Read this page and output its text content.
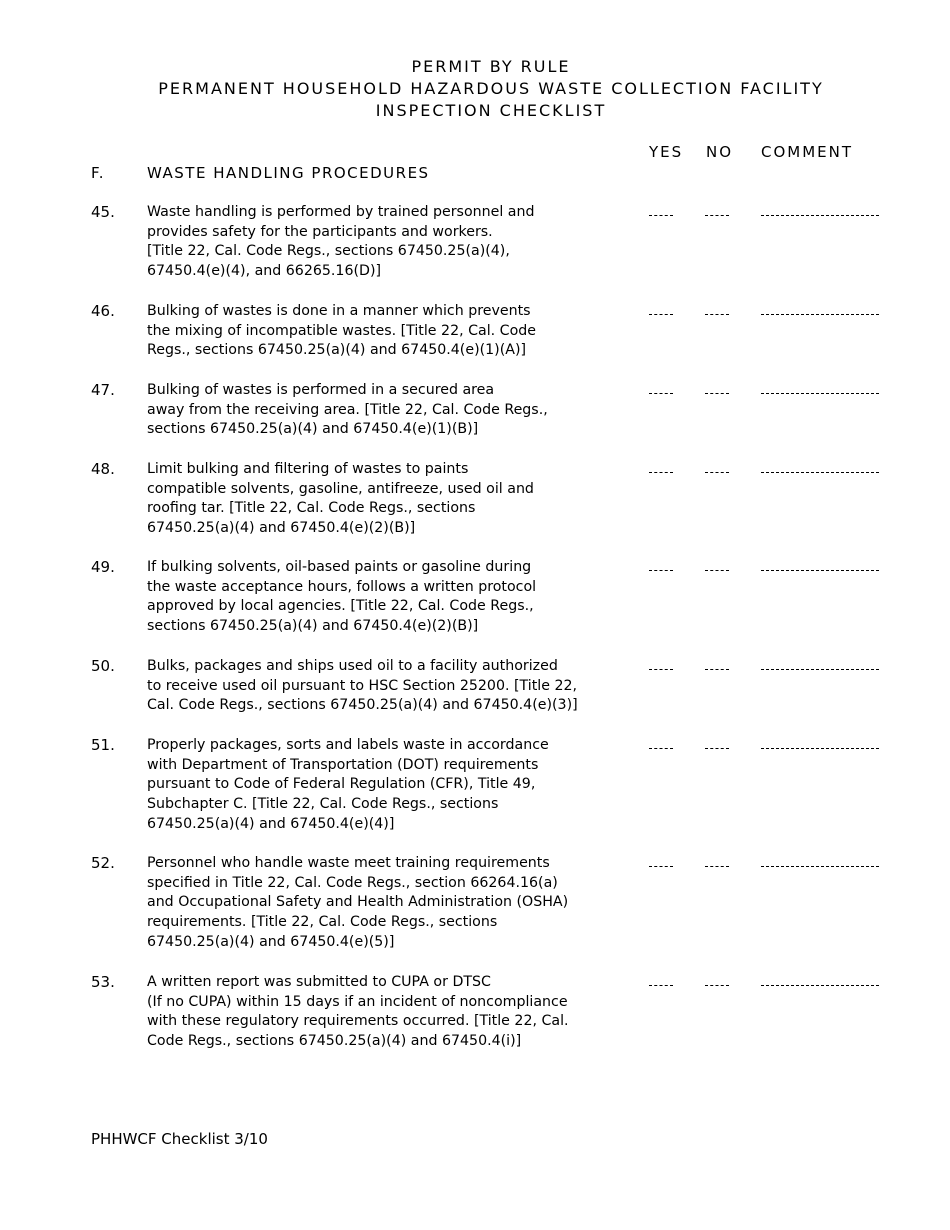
PERMIT BY RULE
PERMANENT HOUSEHOLD HAZARDOUS WASTE COLLECTION FACILITY
INSPECTION CHECKLIST
YES NO COMMENT
F.	WASTE HANDLING PROCEDURES
45. Waste handling is performed by trained personnel and
provides safety for the participants and workers.
[Title 22, Cal. Code Regs., sections 67450.25(a)(4),
67450.4(e)(4), and 66265.16(D)]
46. Bulking of wastes is done in a manner which prevents
the mixing of incompatible wastes. [Title 22, Cal. Code
Regs., sections 67450.25(a)(4) and 67450.4(e)(1)(A)]
47. Bulking of wastes is performed in a secured area
away from the receiving area. [Title 22, Cal. Code Regs.,
sections 67450.25(a)(4) and 67450.4(e)(1)(B)]
48. Limit bulking and filtering of wastes to paints
compatible solvents, gasoline, antifreeze, used oil and
roofing tar. [Title 22, Cal. Code Regs., sections
67450.25(a)(4) and 67450.4(e)(2)(B)]
49. If bulking solvents, oil-based paints or gasoline during
the waste acceptance hours, follows a written protocol
approved by local agencies. [Title 22, Cal. Code Regs.,
sections 67450.25(a)(4) and 67450.4(e)(2)(B)]
50. Bulks, packages and ships used oil to a facility authorized
to receive used oil pursuant to HSC Section 25200. [Title 22,
Cal. Code Regs., sections 67450.25(a)(4) and 67450.4(e)(3)]
51. Properly packages, sorts and labels waste in accordance
with Department of Transportation (DOT) requirements
pursuant to Code of Federal Regulation (CFR), Title 49,
Subchapter C. [Title 22, Cal. Code Regs., sections
67450.25(a)(4) and 67450.4(e)(4)]
52. Personnel who handle waste meet training requirements
specified in Title 22, Cal. Code Regs., section 66264.16(a)
and Occupational Safety and Health Administration (OSHA)
requirements. [Title 22, Cal. Code Regs., sections
67450.25(a)(4) and 67450.4(e)(5)]
53. A written report was submitted to CUPA or DTSC
(If no CUPA) within 15 days if an incident of noncompliance
with these regulatory requirements occurred. [Title 22, Cal.
Code Regs., sections 67450.25(a)(4) and 67450.4(i)]
PHHWCF Checklist 3/10
